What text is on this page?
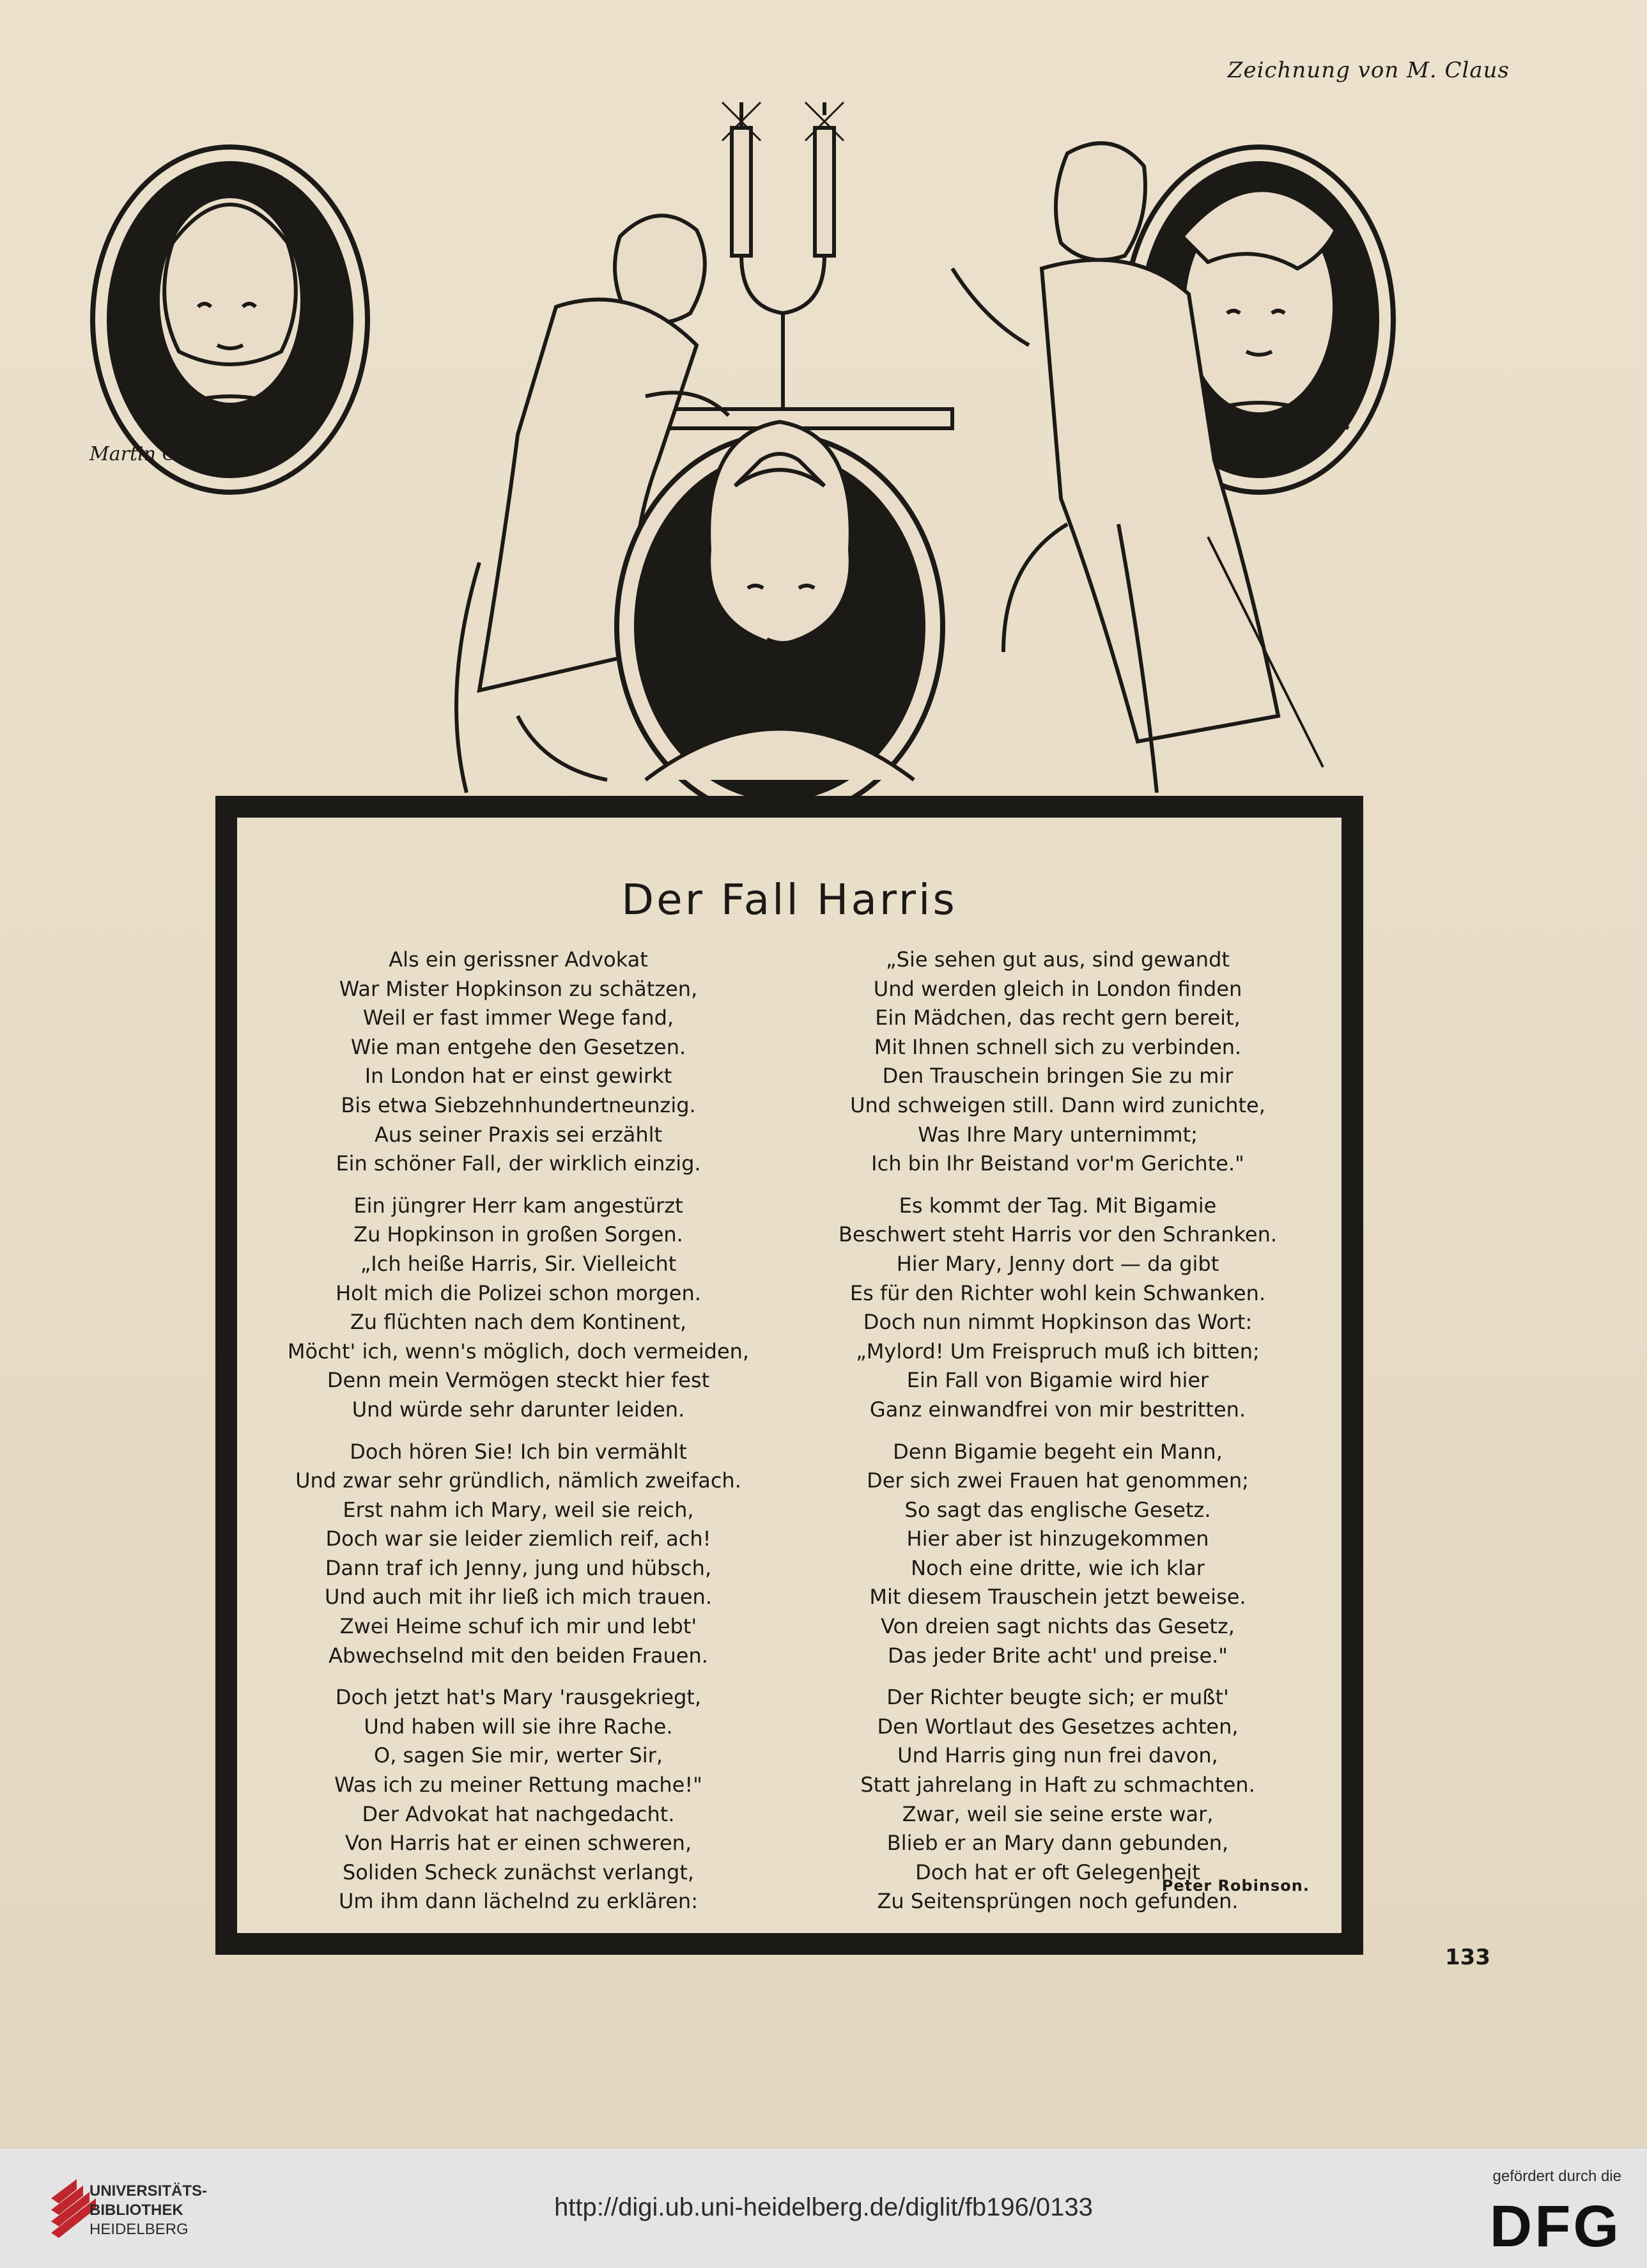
Zeichnung von M. Claus
Martin Claus
Der Fall Harris
Als ein gerissner Advokat
War Mister Hopkinson zu schätzen,
Weil er fast immer Wege fand,
Wie man entgehe den Gesetzen.
In London hat er einst gewirkt
Bis etwa Siebzehnhundertneunzig.
Aus seiner Praxis sei erzählt
Ein schöner Fall, der wirklich einzig.
Ein jüngrer Herr kam angestürzt
Zu Hopkinson in großen Sorgen.
„Ich heiße Harris, Sir. Vielleicht
Holt mich die Polizei schon morgen.
Zu flüchten nach dem Kontinent,
Möcht' ich, wenn's möglich, doch vermeiden,
Denn mein Vermögen steckt hier fest
Und würde sehr darunter leiden.
Doch hören Sie! Ich bin vermählt
Und zwar sehr gründlich, nämlich zweifach.
Erst nahm ich Mary, weil sie reich,
Doch war sie leider ziemlich reif, ach!
Dann traf ich Jenny, jung und hübsch,
Und auch mit ihr ließ ich mich trauen.
Zwei Heime schuf ich mir und lebt'
Abwechselnd mit den beiden Frauen.
Doch jetzt hat's Mary 'rausgekriegt,
Und haben will sie ihre Rache.
O, sagen Sie mir, werter Sir,
Was ich zu meiner Rettung mache!"
Der Advokat hat nachgedacht.
Von Harris hat er einen schweren,
Soliden Scheck zunächst verlangt,
Um ihm dann lächelnd zu erklären:
„Sie sehen gut aus, sind gewandt
Und werden gleich in London finden
Ein Mädchen, das recht gern bereit,
Mit Ihnen schnell sich zu verbinden.
Den Trauschein bringen Sie zu mir
Und schweigen still. Dann wird zunichte,
Was Ihre Mary unternimmt;
Ich bin Ihr Beistand vor'm Gerichte."
Es kommt der Tag. Mit Bigamie
Beschwert steht Harris vor den Schranken.
Hier Mary, Jenny dort — da gibt
Es für den Richter wohl kein Schwanken.
Doch nun nimmt Hopkinson das Wort:
„Mylord! Um Freispruch muß ich bitten;
Ein Fall von Bigamie wird hier
Ganz einwandfrei von mir bestritten.
Denn Bigamie begeht ein Mann,
Der sich zwei Frauen hat genommen;
So sagt das englische Gesetz.
Hier aber ist hinzugekommen
Noch eine dritte, wie ich klar
Mit diesem Trauschein jetzt beweise.
Von dreien sagt nichts das Gesetz,
Das jeder Brite acht' und preise."
Der Richter beugte sich; er mußt'
Den Wortlaut des Gesetzes achten,
Und Harris ging nun frei davon,
Statt jahrelang in Haft zu schmachten.
Zwar, weil sie seine erste war,
Blieb er an Mary dann gebunden,
Doch hat er oft Gelegenheit
Zu Seitensprüngen noch gefunden.
Peter Robinson.
133
UNIVERSITÄTS-
BIBLIOTHEK
HEIDELBERG
http://digi.ub.uni-heidelberg.de/diglit/fb196/0133
gefördert durch die
DFG
